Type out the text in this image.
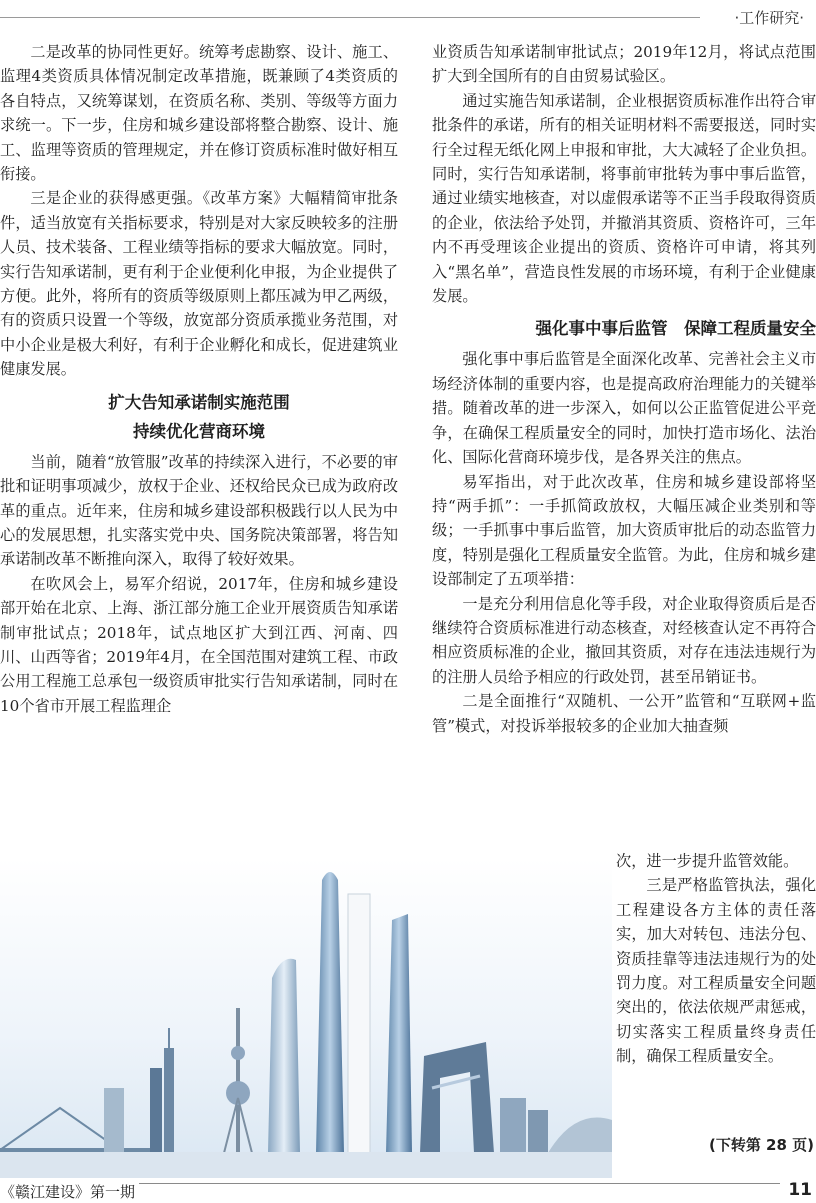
·工作研究·

二是改革的协同性更好。统筹考虑勘察、设计、施工、监理4类资质具体情况制定改革措施，既兼顾了4类资质的各自特点，又统筹谋划，在资质名称、类别、等级等方面力求统一。下一步，住房和城乡建设部将整合勘察、设计、施工、监理等资质的管理规定，并在修订资质标准时做好相互衔接。

三是企业的获得感更强。《改革方案》大幅精简审批条件，适当放宽有关指标要求，特别是对大家反映较多的注册人员、技术装备、工程业绩等指标的要求大幅放宽。同时，实行告知承诺制，更有利于企业便利化申报，为企业提供了方便。此外，将所有的资质等级原则上都压减为甲乙两级，有的资质只设置一个等级，放宽部分资质承揽业务范围，对中小企业是极大利好，有利于企业孵化和成长，促进建筑业健康发展。

扩大告知承诺制实施范围
持续优化营商环境

当前，随着“放管服”改革的持续深入进行，不必要的审批和证明事项减少，放权于企业、还权给民众已成为政府改革的重点。近年来，住房和城乡建设部积极践行以人民为中心的发展思想，扎实落实党中央、国务院决策部署，将告知承诺制改革不断推向深入，取得了较好效果。

在吹风会上，易军介绍说，2017年，住房和城乡建设部开始在北京、上海、浙江部分施工企业开展资质告知承诺制审批试点；2018年，试点地区扩大到江西、河南、四川、山西等省；2019年4月，在全国范围对建筑工程、市政公用工程施工总承包一级资质审批实行告知承诺制，同时在10个省市开展工程监理企

业资质告知承诺制审批试点；2019年12月，将试点范围扩大到全国所有的自由贸易试验区。

通过实施告知承诺制，企业根据资质标准作出符合审批条件的承诺，所有的相关证明材料不需要报送，同时实行全过程无纸化网上申报和审批，大大减轻了企业负担。同时，实行告知承诺制，将事前审批转为事中事后监管，通过业绩实地核查，对以虚假承诺等不正当手段取得资质的企业，依法给予处罚，并撤消其资质、资格许可，三年内不再受理该企业提出的资质、资格许可申请，将其列入“黑名单”，营造良性发展的市场环境，有利于企业健康发展。

强化事中事后监管　保障工程质量安全

强化事中事后监管是全面深化改革、完善社会主义市场经济体制的重要内容，也是提高政府治理能力的关键举措。随着改革的进一步深入，如何以公正监管促进公平竞争，在确保工程质量安全的同时，加快打造市场化、法治化、国际化营商环境步伐，是各界关注的焦点。

易军指出，对于此次改革，住房和城乡建设部将坚持“两手抓”：一手抓简政放权，大幅压减企业类别和等级；一手抓事中事后监管，加大资质审批后的动态监管力度，特别是强化工程质量安全监管。为此，住房和城乡建设部制定了五项举措：

一是充分利用信息化等手段，对企业取得资质后是否继续符合资质标准进行动态核查，对经核查认定不再符合相应资质标准的企业，撤回其资质，对存在违法违规行为的注册人员给予相应的行政处罚，甚至吊销证书。

二是全面推行“双随机、一公开”监管和“互联网+监管”模式，对投诉举报较多的企业加大抽查频

次，进一步提升监管效能。

三是严格监管执法，强化工程建设各方主体的责任落实，加大对转包、违法分包、资质挂靠等违法违规行为的处罚力度。对工程质量安全问题突出的，依法依规严肃惩戒，切实落实工程质量终身责任制，确保工程质量安全。

(下转第 28 页)
《赣江建设》第一期	11
